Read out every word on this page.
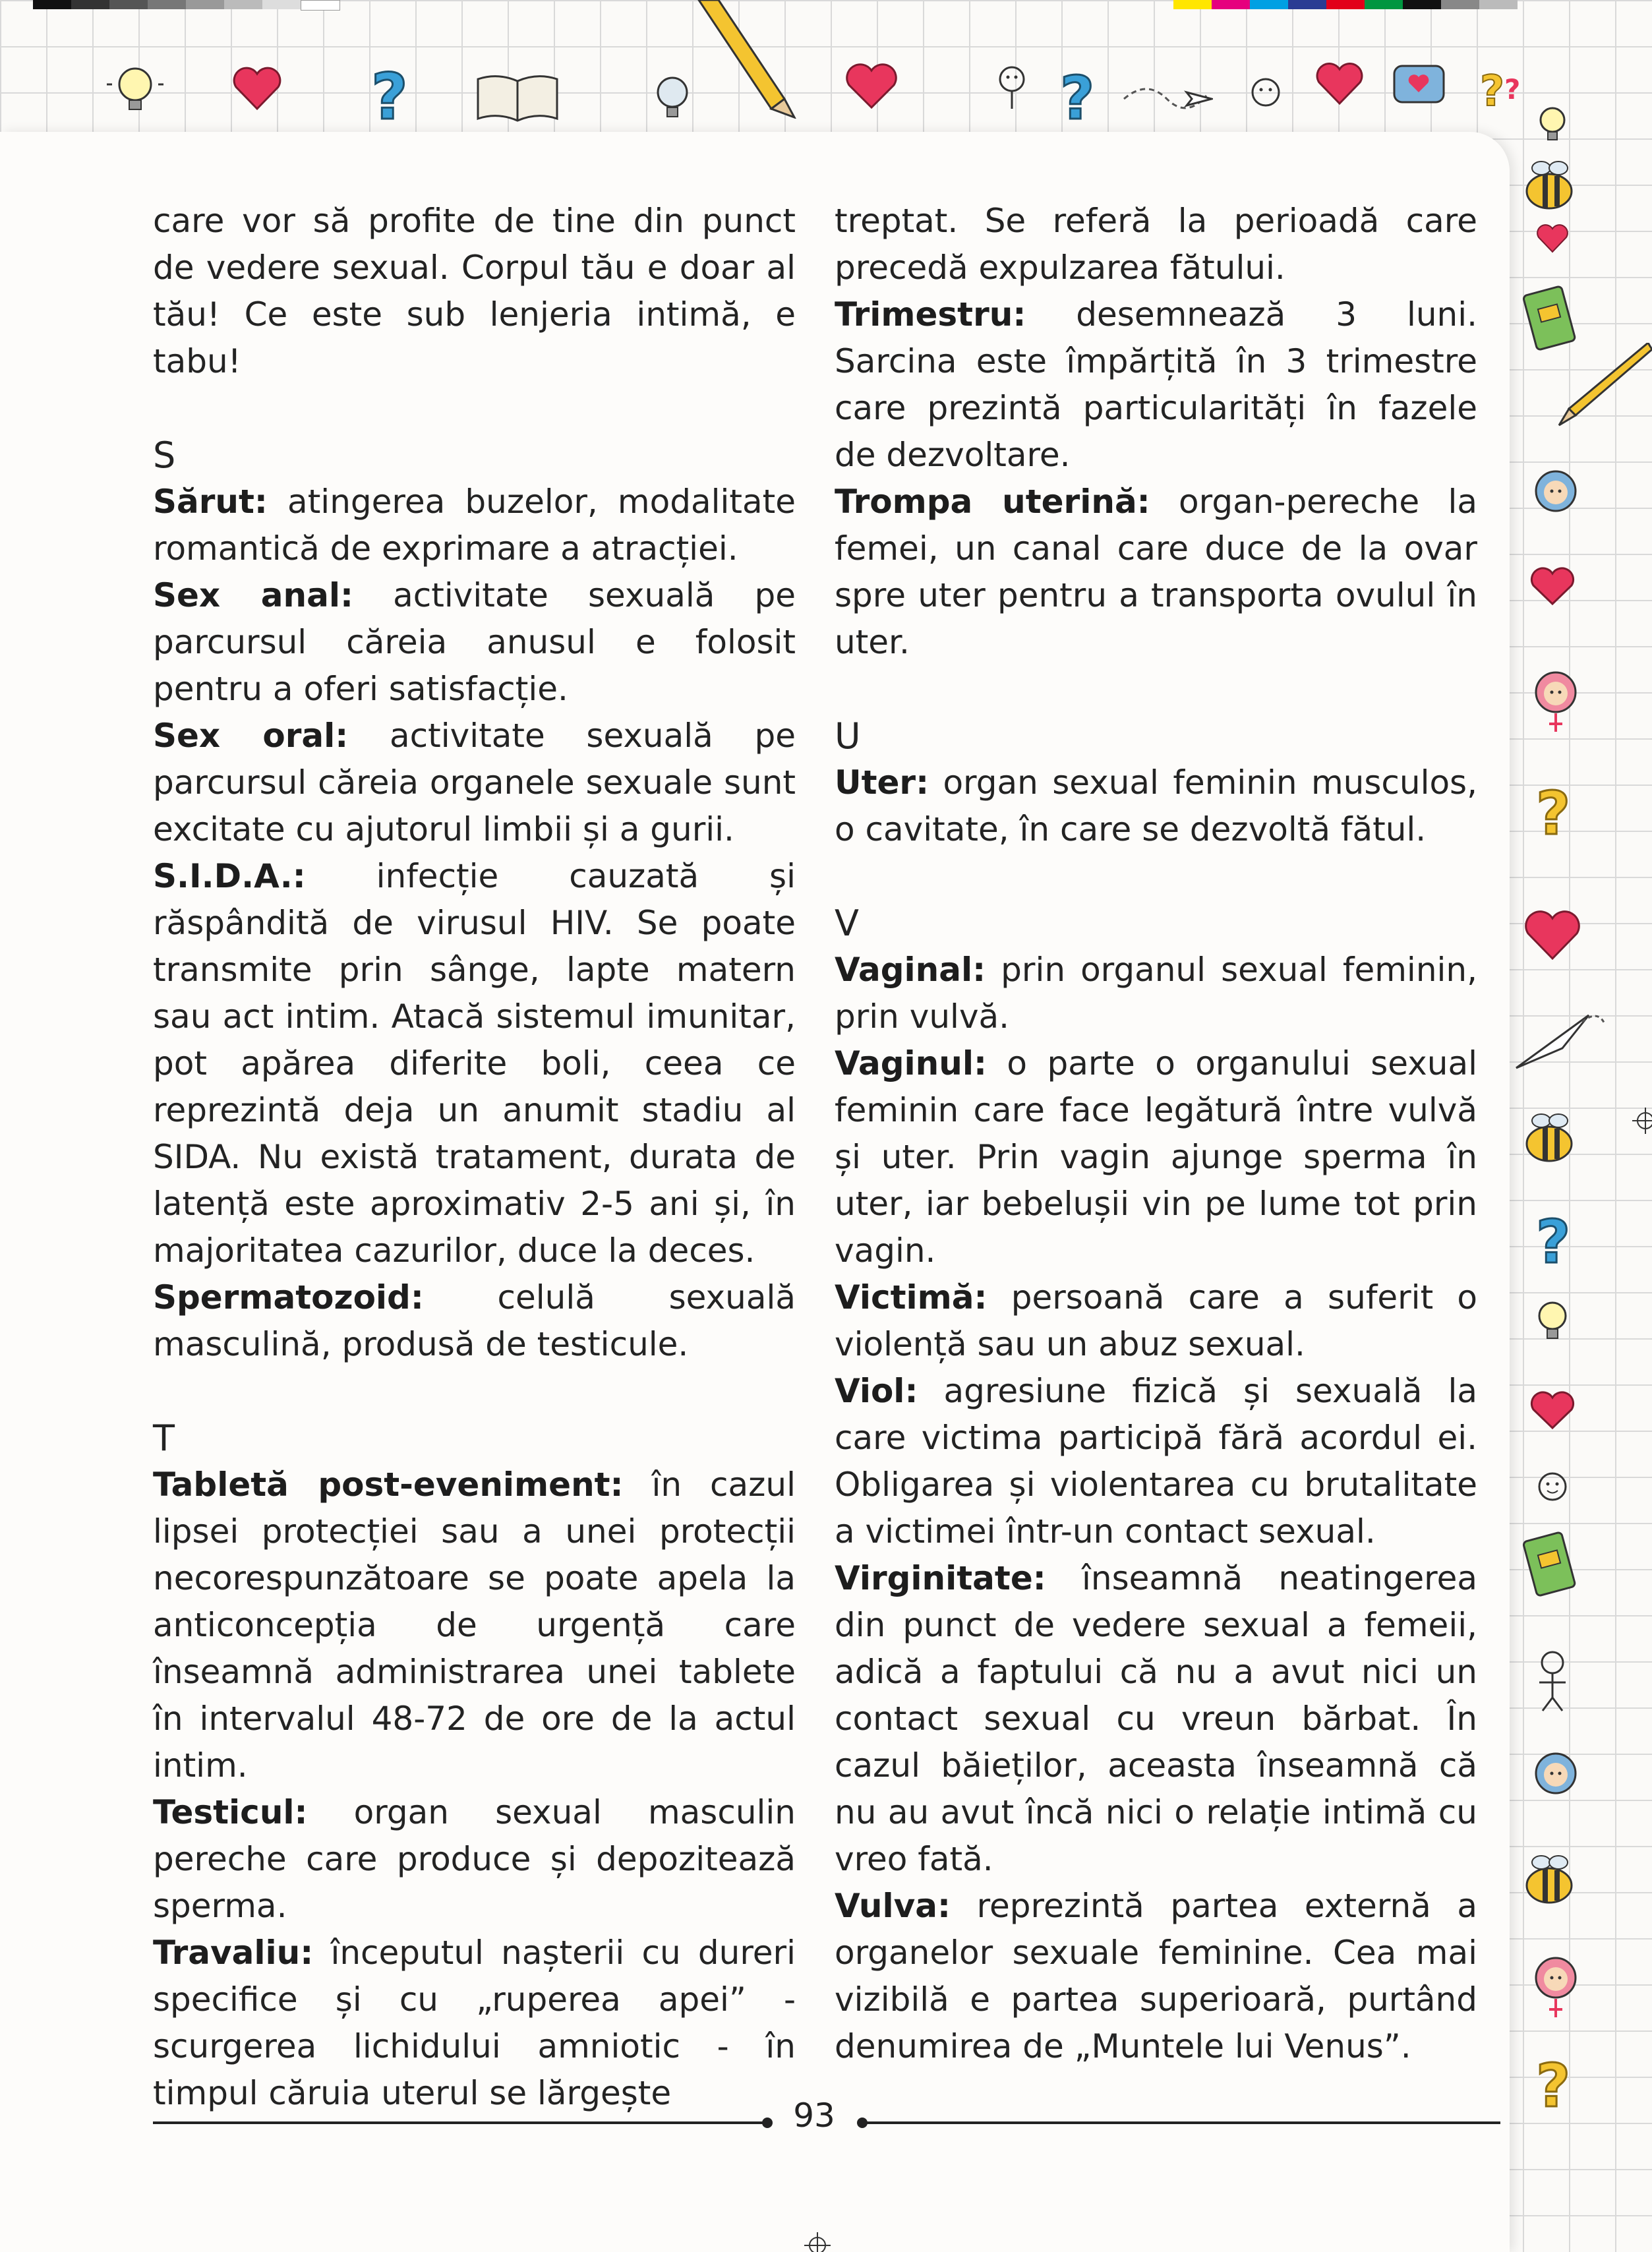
?	?	? ?
?
?
?

care vor să profite de tine din punct de vedere sexual. Corpul tău e doar al tău! Ce este sub lenjeria intimă, e tabu!

S

Sărut: atingerea buzelor, modalitate romantică de exprimare a atracției.

Sex anal: activitate sexuală pe parcursul căreia anusul e folosit pentru a oferi satisfacție.

Sex oral: activitate sexuală pe parcursul căreia organele sexuale sunt excitate cu ajutorul limbii și a gurii.

S.I.D.A.: infecție cauzată și răspândită de virusul HIV. Se poate transmite prin sânge, lapte matern sau act intim. Atacă sistemul imunitar, pot apărea diferite boli, ceea ce reprezintă deja un anumit stadiu al SIDA. Nu există tratament, durata de latență este aproximativ 2-5 ani și, în majoritatea cazurilor, duce la deces.

Spermatozoid: celulă sexuală masculină, produsă de testicule.

T

Tabletă post-eveniment: în cazul lipsei protecției sau a unei protecții necorespunzătoare se poate apela la anticoncepția de urgență care înseamnă administrarea unei tablete în intervalul 48-72 de ore de la actul intim.

Testicul: organ sexual masculin pereche care produce și depozitează sperma.

Travaliu: începutul nașterii cu dureri specifice și cu „ruperea apei” - scurgerea lichidului amniotic - în timpul căruia uterul se lărgește

treptat. Se referă la perioadă care precedă expulzarea fătului.

Trimestru: desemnează 3 luni. Sarcina este împărțită în 3 trimestre care prezintă particularități în fazele de dezvoltare.

Trompa uterină: organ-pereche la femei, un canal care duce de la ovar spre uter pentru a transporta ovulul în uter.

U

Uter: organ sexual feminin musculos, o cavitate, în care se dezvoltă fătul.

V

Vaginal: prin organul sexual feminin, prin vulvă.

Vaginul: o parte o organului sexual feminin care face legătură între vulvă și uter. Prin vagin ajunge sperma în uter, iar bebelușii vin pe lume tot prin vagin.

Victimă: persoană care a suferit o violență sau un abuz sexual.

Viol: agresiune fizică și sexuală la care victima participă fără acordul ei. Obligarea și violentarea cu brutalitate a victimei într-un contact sexual.

Virginitate: înseamnă neatingerea din punct de vedere sexual a femeii, adică a faptului că nu a avut nici un contact sexual cu vreun bărbat. În cazul băieților, aceasta înseamnă că nu au avut încă nici o relație intimă cu vreo fată.

Vulva: reprezintă partea externă a organelor sexuale feminine. Cea mai vizibilă e partea superioară, purtând denumirea de „Muntele lui Venus”.

93
